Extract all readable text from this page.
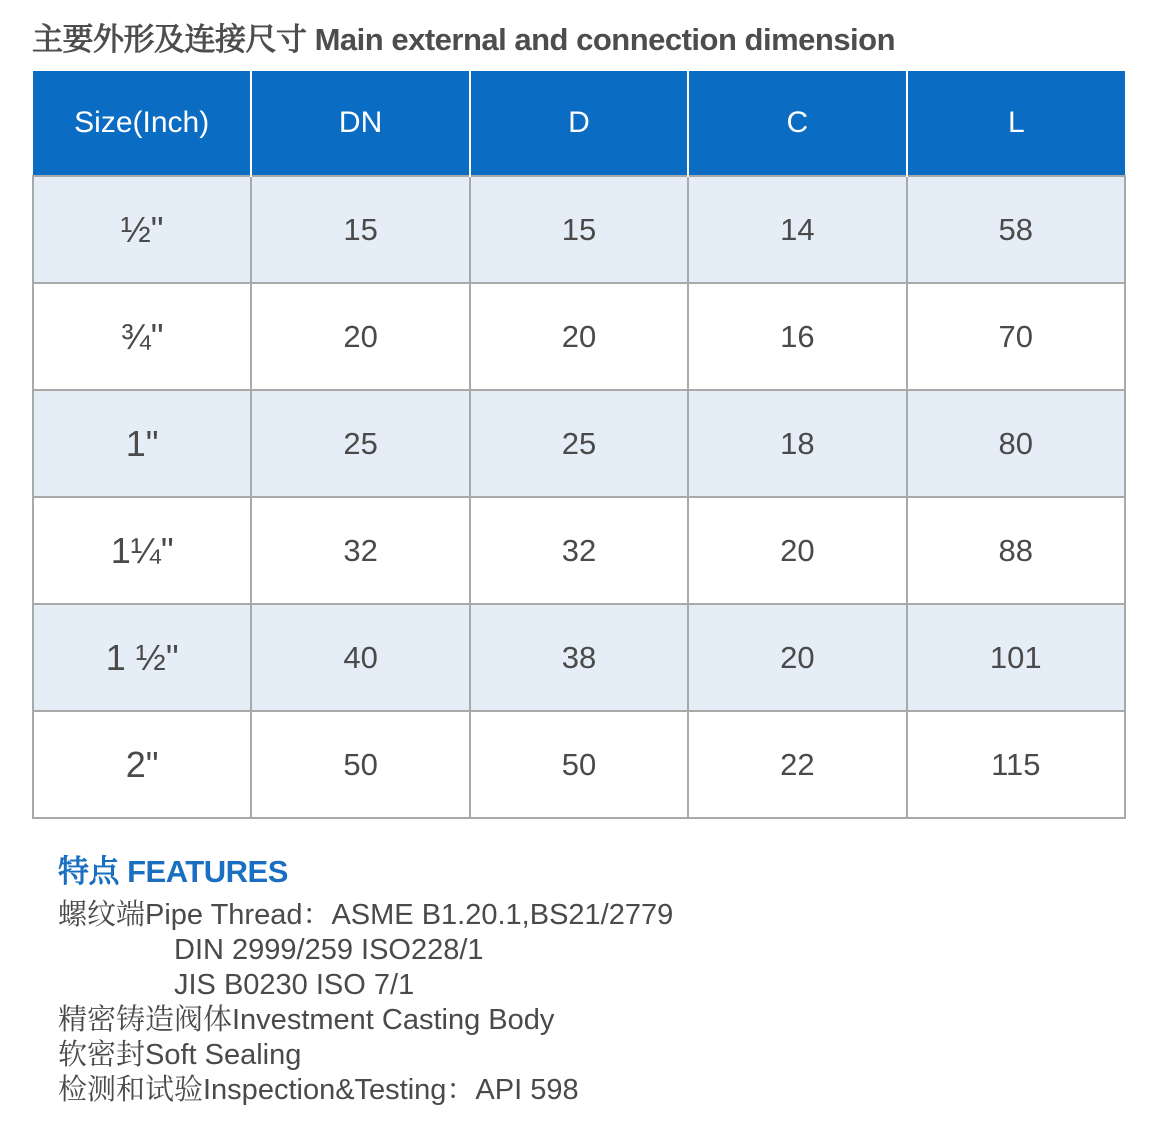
主要外形及连接尺寸 Main external and connection dimension
Size(Inch)	DN	D	C	L
½"	15	15	14	58
¾"	20	20	16	70
1"	25	25	18	80
1¼"	32	32	20	88
1 ½"	40	38	20	101
2"	50	50	22	115
特点 FEATURES
螺纹端Pipe Thread：ASME B1.20.1,BS21/2779
DIN 2999/259 ISO228/1
JIS B0230 ISO 7/1
精密铸造阀体Investment Casting Body
软密封Soft Sealing
检测和试验Inspection&Testing：API 598
